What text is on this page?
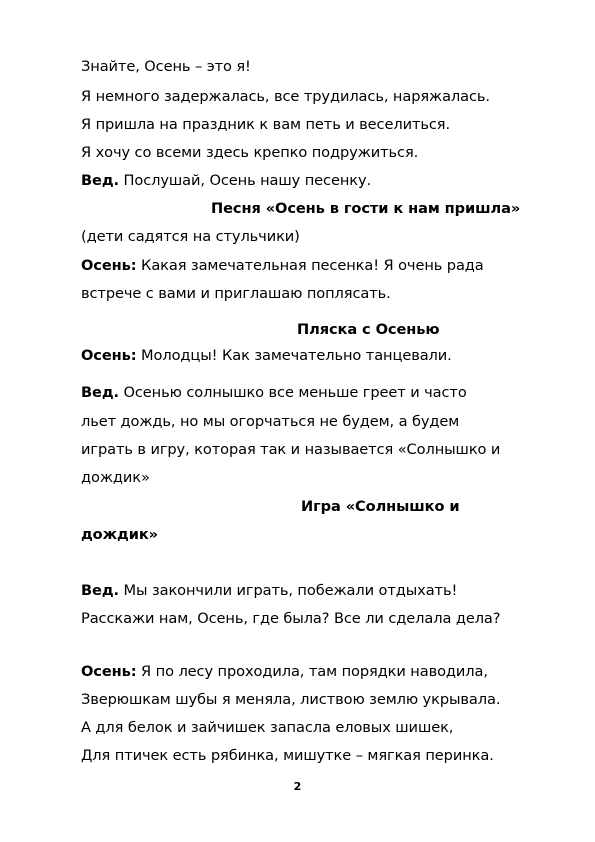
Знайте, Осень – это я!
Я немного задержалась, все трудилась, наряжалась.
Я пришла на праздник к вам петь и веселиться.
Я хочу со всеми здесь крепко подружиться.
Вед. Послушай, Осень нашу песенку.
Песня «Осень в гости к нам пришла»
(дети садятся на стульчики)
Осень: Какая замечательная песенка! Я очень рада
встрече с вами и приглашаю поплясать.
Пляска с Осенью
Осень: Молодцы! Как замечательно танцевали.
Вед. Осенью солнышко все меньше греет и часто
льет дождь, но мы огорчаться не будем, а будем
играть в игру, которая так и называется «Солнышко и
дождик»
Игра «Солнышко и
дождик»
Вед. Мы закончили играть, побежали отдыхать!
Расскажи нам, Осень, где была? Все ли сделала дела?
Осень: Я по лесу проходила, там порядки наводила,
Зверюшкам шубы я меняла, листвою землю укрывала.
А для белок и зайчишек запасла еловых шишек,
Для птичек есть рябинка, мишутке – мягкая перинка.
2
